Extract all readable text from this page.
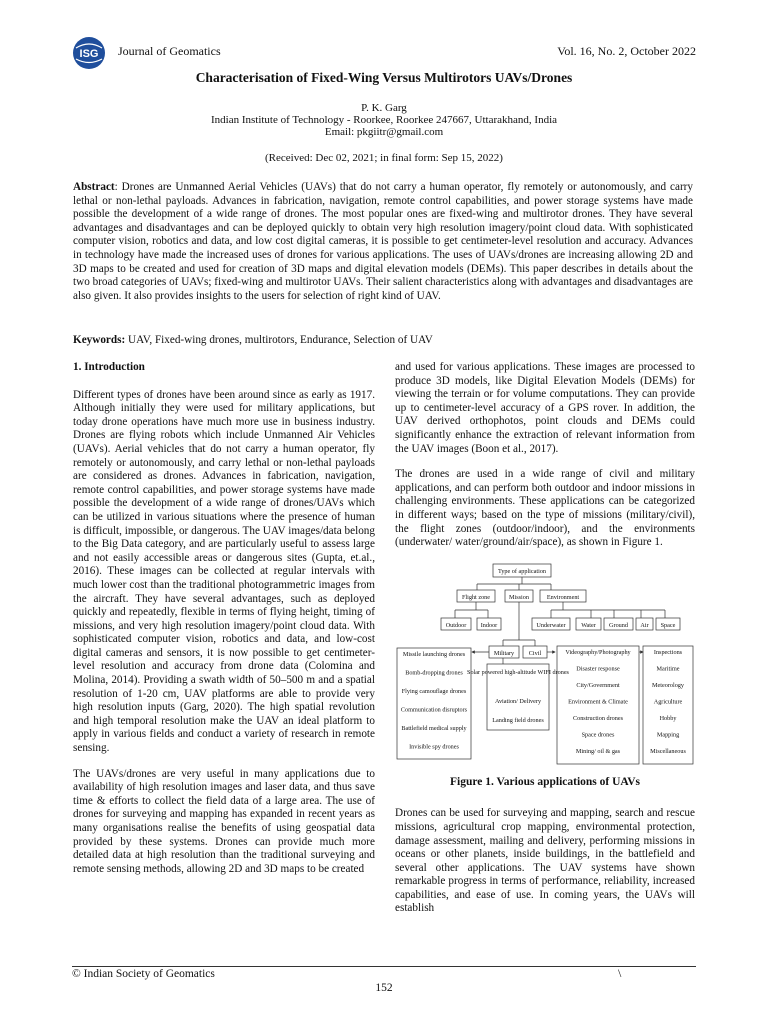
ISG Journal of Geomatics	Vol. 16, No. 2, October 2022
Characterisation of Fixed-Wing Versus Multirotors UAVs/Drones
P. K. Garg
Indian Institute of Technology - Roorkee, Roorkee 247667, Uttarakhand, India
Email: pkgiitr@gmail.com
(Received: Dec 02, 2021; in final form: Sep 15, 2022)
Abstract: Drones are Unmanned Aerial Vehicles (UAVs) that do not carry a human operator, fly remotely or autonomously, and carry lethal or non-lethal payloads. Advances in fabrication, navigation, remote control capabilities, and power storage systems have made possible the development of a wide range of drones. The most popular ones are fixed-wing and multirotor drones. They have several advantages and disadvantages and can be deployed quickly to obtain very high resolution imagery/point cloud data. With sophisticated computer vision, robotics and data, and low cost digital cameras, it is possible to get centimeter-level resolution and accuracy. Advances in technology have made the increased uses of drones for various applications. The uses of UAVs/drones are increasing allowing 2D and 3D maps to be created and used for creation of 3D maps and digital elevation models (DEMs). This paper describes in details about the two broad categories of UAVs; fixed-wing and multirotor UAVs. Their salient characteristics along with advantages and disadvantages are also given. It also provides insights to the users for selection of right kind of UAV.
Keywords: UAV, Fixed-wing drones, multirotors, Endurance, Selection of UAV
1. Introduction

Different types of drones have been around since as early as 1917. Although initially they were used for military applications, but today drone operations have much more use in business industry. Drones are flying robots which include Unmanned Air Vehicles (UAVs). Aerial vehicles that do not carry a human operator, fly remotely or autonomously, and carry lethal or non-lethal payloads are considered as drones. Advances in fabrication, navigation, remote control capabilities, and power storage systems have made possible the development of a wide range of drones/UAVs which can be utilized in various situations where the presence of human is difficult, impossible, or dangerous. The UAV images/data belong to the Big Data category, and are particularly useful to assess large and not easily accessible areas or dangerous sites (Gupta, et.al., 2016). These images can be collected at regular intervals with much lower cost than the traditional photogrammetric images from the aircraft. They have several advantages, such as deployed quickly and repeatedly, flexible in terms of flying height, timing of missions, and very high resolution imagery/point cloud data. With sophisticated computer vision, robotics and data, and low-cost digital cameras and sensors, it is now possible to get centimeter-level resolution and accuracy from drone data (Colomina and Molina, 2014). Providing a swath width of 50–500 m and a spatial resolution of 1-20 cm, UAV platforms are able to provide very high resolution inputs (Garg, 2020). The high spatial revolution and high temporal resolution make the UAV an ideal platform to apply in various fields and conduct a variety of research in remote sensing.

The UAVs/drones are very useful in many applications due to availability of high resolution images and laser data, and thus save time & efforts to collect the field data of a large area. The use of drones for surveying and mapping has expanded in recent years as many organisations realise the benefits of using geospatial data provided by these systems. Drones can provide much more detailed data at high resolution than the traditional surveying and remote sensing methods, allowing 2D and 3D maps to be created

and used for various applications. These images are processed to produce 3D models, like Digital Elevation Models (DEMs) for viewing the terrain or for volume computations. They can provide up to centimeter-level accuracy of a GPS rover. In addition, the UAV derived orthophotos, point clouds and DEMs could significantly enhance the extraction of relevant information from the UAV images (Boon et al., 2017).

The drones are used in a wide range of civil and military applications, and can perform both outdoor and indoor missions in challenging environments. These applications can be categorized in different ways; based on the type of missions (military/civil), the flight zones (outdoor/indoor), and the environments (underwater/ water/ground/air/space), as shown in Figure 1.

Type of application
Flight zone	Mission	Environment
Outdoor Indoor	Underwater	Water Ground Air Space
Military Civil
Missile launching drones
Bomb-dropping drones
Flying camouflage drones
Communication disruptors
Battlefield medical supply
Invisible spy drones
Solar powered high-altitude WIFI drones
Aviation/ Delivery
Landing field drones
Videography/Photography
Disaster response
City/Government
Environment & Climate
Construction drones
Space drones
Mining/ oil & gas
Inspections
Maritime
Meteorology
Agriculture
Hobby
Mapping
Miscellaneous
Figure 1. Various applications of UAVs

Drones can be used for surveying and mapping, search and rescue missions, agricultural crop mapping, environmental protection, damage assessment, mailing and delivery, performing missions in oceans or other planets, inside buildings, in the battlefield and several other applications. The UAV systems have shown remarkable progress in terms of performance, reliability, increased capabilities, and ease of use. In coming years, the UAVs will establish

© Indian Society of Geomatics	\
152
